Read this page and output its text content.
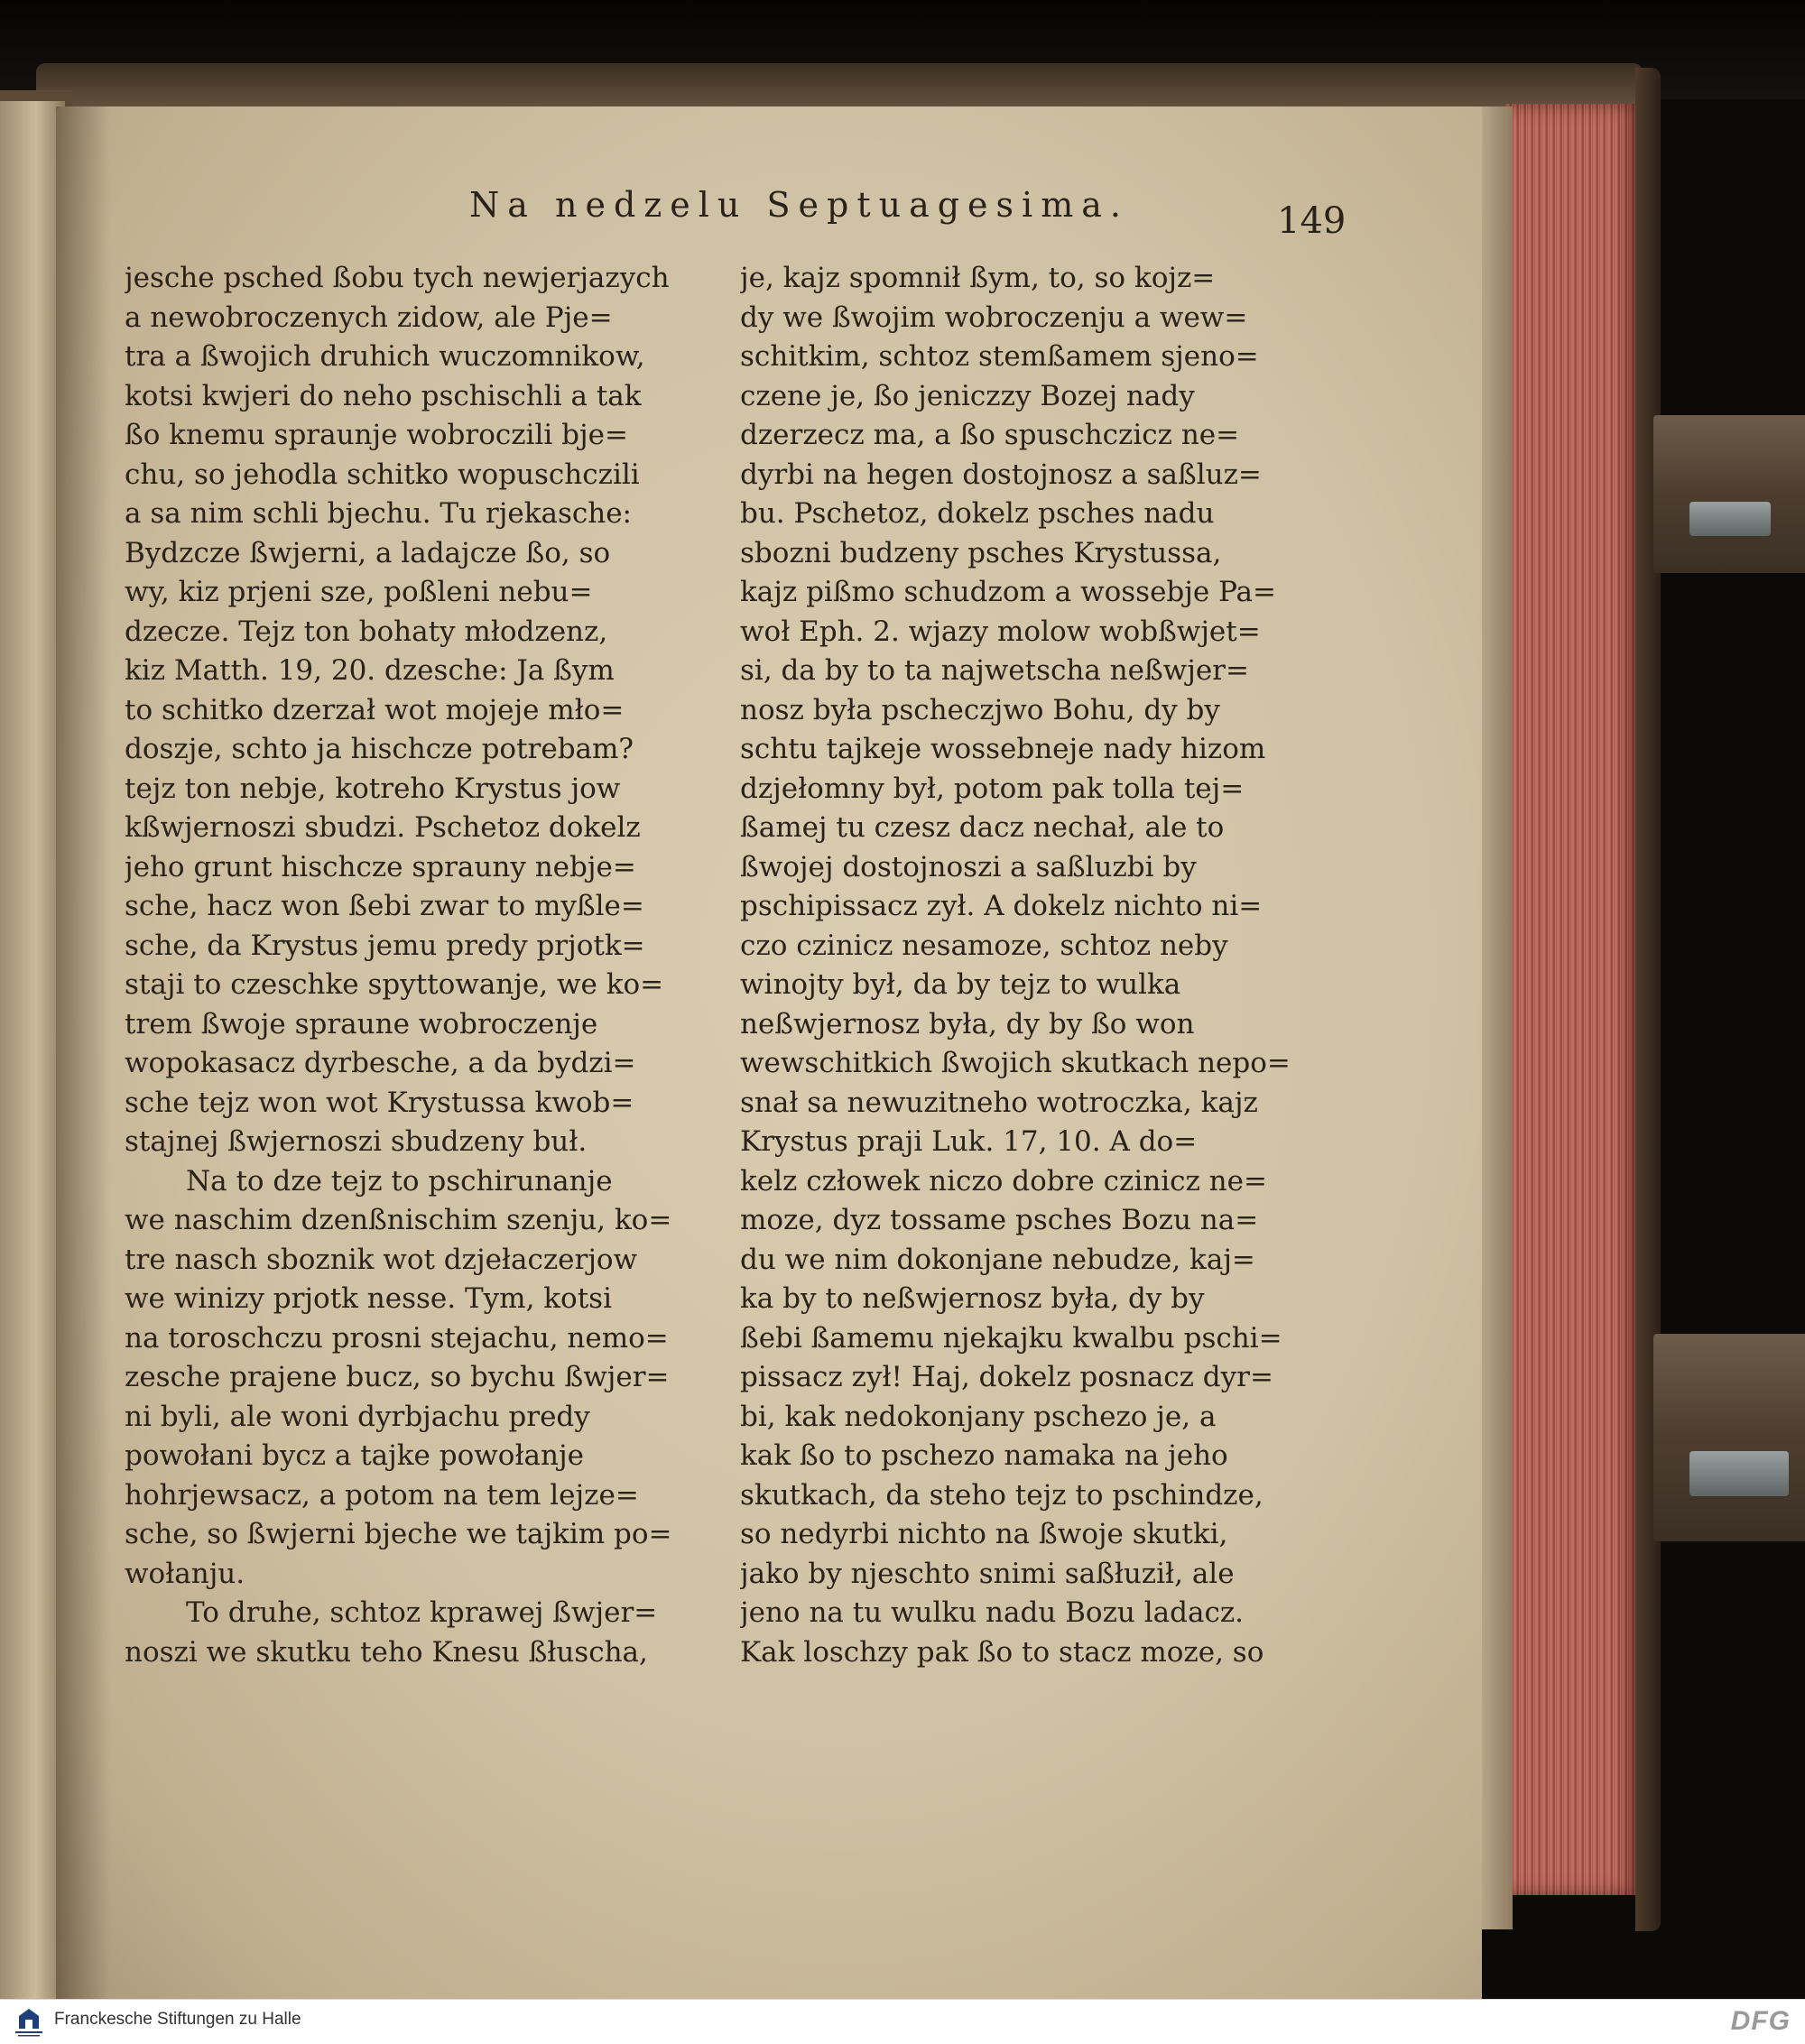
Na nedzelu Septuagesima.	149
jesche psched ßobu tych newjerjazych
a newobroczenych zidow, ale Pje=
tra a ßwojich druhich wuczomnikow,
kotsi kwjeri do neho pschischli a tak
ßo knemu spraunje wobroczili bje=
chu, so jehodla schitko wopuschczili
a sa nim schli bjechu. Tu rjekasche:
Bydzcze ßwjerni, a ladajcze ßo, so
wy, kiz prjeni sze, poßleni nebu=
dzecze. Tejz ton bohaty młodzenz,
kiz Matth. 19, 20. dzesche: Ja ßym
to schitko dzerzał wot mojeje mło=
doszje, schto ja hischcze potrebam?
tejz ton nebje, kotreho Krystus jow
kßwjernoszi sbudzi. Pschetoz dokelz
jeho grunt hischcze sprauny nebje=
sche, hacz won ßebi zwar to myßle=
sche, da Krystus jemu predy prjotk=
staji to czeschke spyttowanje, we ko=
trem ßwoje spraune wobroczenje
wopokasacz dyrbesche, a da bydzi=
sche tejz won wot Krystussa kwob=
stajnej ßwjernoszi sbudzeny buł.
Na to dze tejz to pschirunanje
we naschim dzenßnischim szenju, ko=
tre nasch sboznik wot dzjełaczerjow
we winizy prjotk nesse. Tym, kotsi
na toroschczu prosni stejachu, nemo=
zesche prajene bucz, so bychu ßwjer=
ni byli, ale woni dyrbjachu predy
powołani bycz a tajke powołanje
hohrjewsacz, a potom na tem lejze=
sche, so ßwjerni bjeche we tajkim po=
wołanju.
To druhe, schtoz kprawej ßwjer=
noszi we skutku teho Knesu ßłuscha,
je, kajz spomnił ßym, to, so kojz=
dy we ßwojim wobroczenju a wew=
schitkim, schtoz stemßamem sjeno=
czene je, ßo jeniczzy Bozej nady
dzerzecz ma, a ßo spuschczicz ne=
dyrbi na hegen dostojnosz a saßluz=
bu. Pschetoz, dokelz psches nadu
sbozni budzeny psches Krystussa,
kajz pißmo schudzom a wossebje Pa=
woł Eph. 2. wjazy molow wobßwjet=
si, da by to ta najwetscha neßwjer=
nosz była pscheczjwo Bohu, dy by
schtu tajkeje wossebneje nady hizom
dzjełomny był, potom pak tolla tej=
ßamej tu czesz dacz nechał, ale to
ßwojej dostojnoszi a saßluzbi by
pschipissacz zył. A dokelz nichto ni=
czo czinicz nesamoze, schtoz neby
winojty był, da by tejz to wulka
neßwjernosz była, dy by ßo won
wewschitkich ßwojich skutkach nepo=
snał sa newuzitneho wotroczka, kajz
Krystus praji Luk. 17, 10. A do=
kelz człowek niczo dobre czinicz ne=
moze, dyz tossame psches Bozu na=
du we nim dokonjane nebudze, kaj=
ka by to neßwjernosz była, dy by
ßebi ßamemu njekajku kwalbu pschi=
pissacz zył! Haj, dokelz posnacz dyr=
bi, kak nedokonjany pschezo je, a
kak ßo to pschezo namaka na jeho
skutkach, da steho tejz to pschindze,
so nedyrbi nichto na ßwoje skutki,
jako by njeschto snimi saßłuził, ale
jeno na tu wulku nadu Bozu ladacz.
Kak loschzy pak ßo to stacz moze, so
Franckesche Stiftungen zu Halle	DFG
